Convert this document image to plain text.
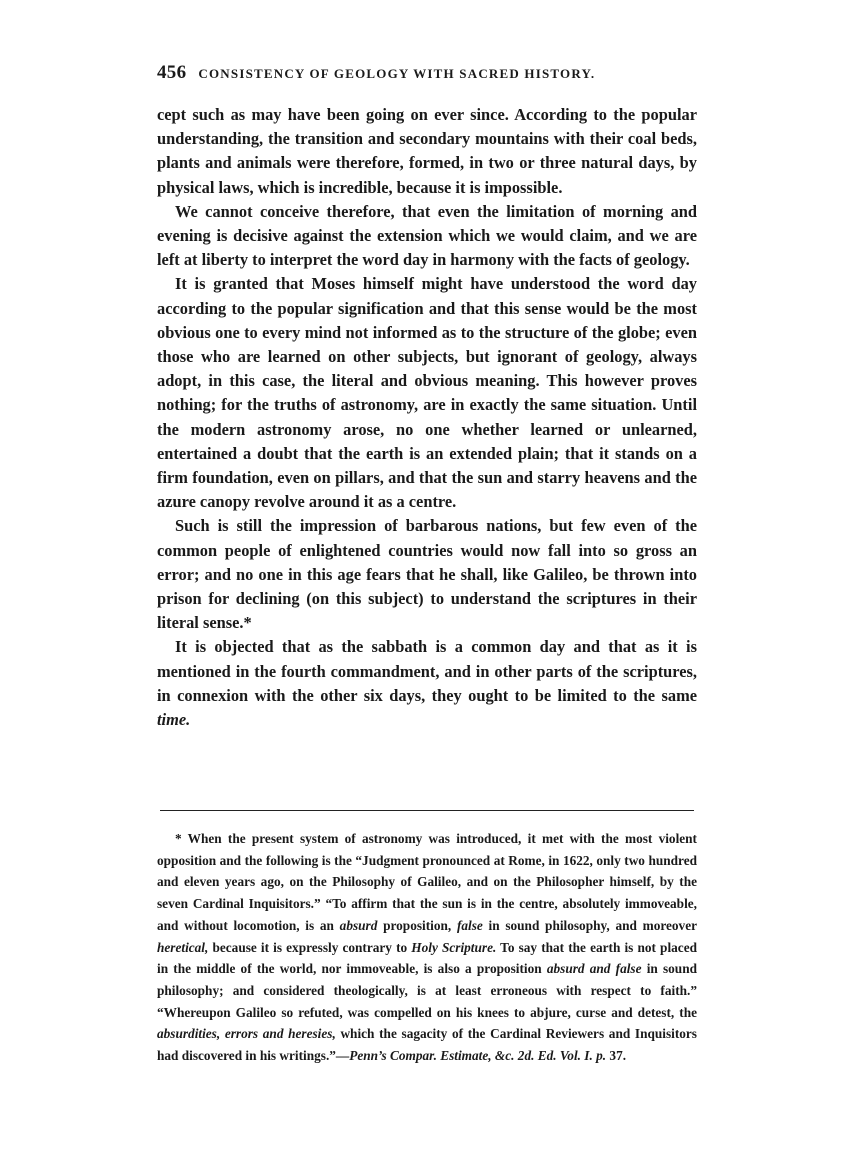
456 CONSISTENCY OF GEOLOGY WITH SACRED HISTORY.

cept such as may have been going on ever since. According to the popular understanding, the transition and secondary mountains with their coal beds, plants and animals were therefore, formed, in two or three natural days, by physical laws, which is incredible, because it is impossible.

We cannot conceive therefore, that even the limitation of morning and evening is decisive against the extension which we would claim, and we are left at liberty to interpret the word day in harmony with the facts of geology.

It is granted that Moses himself might have understood the word day according to the popular signification and that this sense would be the most obvious one to every mind not informed as to the structure of the globe; even those who are learned on other subjects, but ignorant of geology, always adopt, in this case, the literal and obvious meaning. This however proves nothing; for the truths of astronomy, are in exactly the same situation. Until the modern astronomy arose, no one whether learned or unlearned, entertained a doubt that the earth is an extended plain; that it stands on a firm foundation, even on pillars, and that the sun and starry heavens and the azure canopy revolve around it as a centre.

Such is still the impression of barbarous nations, but few even of the common people of enlightened countries would now fall into so gross an error; and no one in this age fears that he shall, like Galileo, be thrown into prison for declining (on this subject) to understand the scriptures in their literal sense.*

It is objected that as the sabbath is a common day and that as it is mentioned in the fourth commandment, and in other parts of the scriptures, in connexion with the other six days, they ought to be limited to the same time.

* When the present system of astronomy was introduced, it met with the most violent opposition and the following is the “Judgment pronounced at Rome, in 1622, only two hundred and eleven years ago, on the Philosophy of Galileo, and on the Philosopher himself, by the seven Cardinal Inquisitors.” “To affirm that the sun is in the centre, absolutely immoveable, and without locomotion, is an absurd proposition, false in sound philosophy, and moreover heretical, because it is expressly contrary to Holy Scripture. To say that the earth is not placed in the middle of the world, nor immoveable, is also a proposition absurd and false in sound philosophy; and considered theologically, is at least erroneous with respect to faith.” “Whereupon Galileo so refuted, was compelled on his knees to abjure, curse and detest, the absurdities, errors and heresies, which the sagacity of the Cardinal Reviewers and Inquisitors had discovered in his writings.”—Penn’s Compar. Estimate, &c. 2d. Ed. Vol. I. p. 37.
